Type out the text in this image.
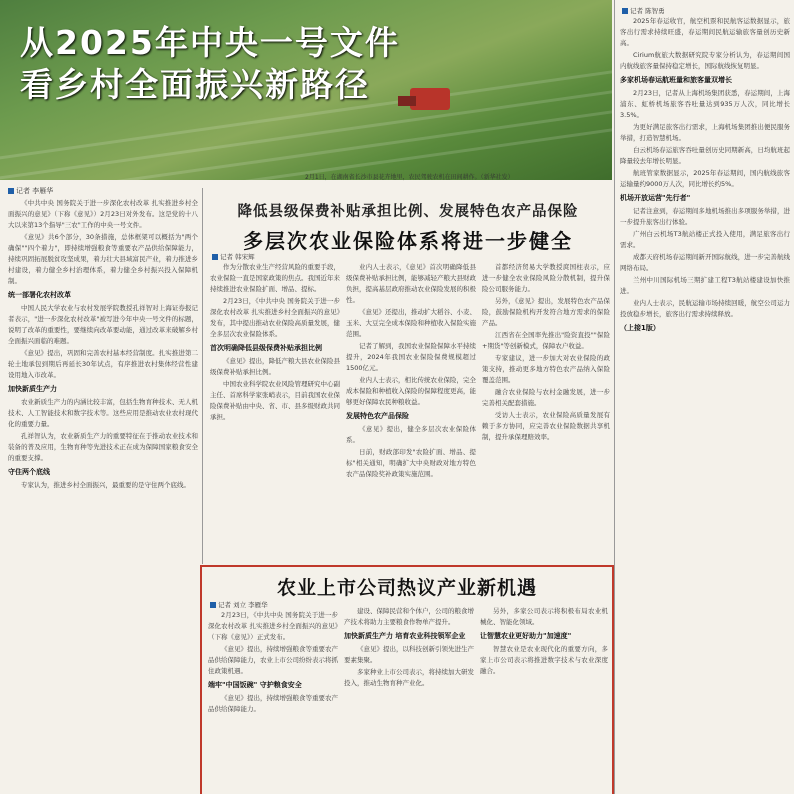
从2025年中央一号文件
看乡村全面振兴新路径
2月1日，在湖南省长沙市县花卉地里，农民驾驶农机在田间耕作。（新华社发）
记者 李雁华

《中共中央 国务院关于进一步深化农村改革 扎实推进乡村全面振兴的意见》（下称《意见》）2月23日对外发布。这是党的十八大以来第13个指导"三农"工作的中央一号文件。

《意见》共6个部分，30条措施，总体框架可以概括为"两个确保""四个着力"，即持续增强粮食等重要农产品供给保障能力，持续巩固拓展脱贫攻坚成果，着力壮大县域富民产业，着力推进乡村建设，着力健全乡村治理体系，着力健全乡村振兴投入保障机制。

统一部署化农村改革

中国人民大学农业与农村发展学院教授孔祥智对上海证券报记者表示，"进一步深化农村改革"被写进今年中央一号文件的标题，说明了改革的重要性，要继续向改革要动能，通过改革来破解乡村全面振兴面临的难题。

《意见》提出，巩固和完善农村基本经营制度。扎实推进第二轮土地承包到期后再延长30年试点，有序推进农村集体经营性建设用地入市改革。

加快新质生产力

农业新质生产力的内涵比较丰富，包括生物育种技术、无人机技术、人工智能技术和数字技术等。这些应用是推动农业农村现代化的重要力量。

孔祥智认为，农业新质生产力的重要特征在于推动农业技术和装备的普及应用，生物育种等先进技术正在成为保障国家粮食安全的重要支撑。

守住两个底线

专家认为，推进乡村全面振兴，最重要的是守住两个底线。

降低县级保费补贴承担比例、发展特色农产品保险
多层次农业保险体系将进一步健全
记者 韩宋辉

作为分散农业生产经营风险的重要手段，农业保险一直是国家政策的焦点。我国近年来持续推进农业保险扩面、增品、提标。

2月23日，《中共中央 国务院关于进一步深化农村改革 扎实推进乡村全面振兴的意见》发布，其中提出推动农业保险高质量发展，健全多层次农业保险体系。

首次明确降低县级保费补贴承担比例

《意见》提出，降低产粮大县农业保险县级保费补贴承担比例。

中国农业科学院农业风险管理研究中心副主任、首席科学家张峭表示，目前我国农业保险保费补贴由中央、省、市、县多级财政共同承担。

业内人士表示，《意见》首次明确降低县级保费补贴承担比例，能够减轻产粮大县财政负担，提高基层政府推动农业保险发展的积极性。

《意见》还提出，推动扩大稻谷、小麦、玉米、大豆完全成本保险和种植收入保险实施范围。

记者了解到，我国农业保险保障水平持续提升，2024年我国农业保险保费规模超过1500亿元。

业内人士表示，相比传统农业保险，完全成本保险和种植收入保险的保障程度更高，能够更好保障农民种粮收益。

发展特色农产品保险

《意见》提出，健全多层次农业保险体系。

日前，财政部印发"农险扩面、增品、提标"相关通知，明确扩大中央财政对地方特色农产品保险奖补政策实施范围。

首都经济贸易大学教授庹国柱表示，应进一步健全农业保险风险分散机制，提升保险公司服务能力。

另外，《意见》提出，发展特色农产品保险，鼓励保险机构开发符合地方需求的保险产品。

江西省在全国率先推出"险资直投""保险+期货"等创新模式，保障农户收益。

专家建议，进一步加大对农业保险的政策支持，推动更多地方特色农产品纳入保险覆盖范围。

融合农业保险与农村金融发展，进一步完善相关配套措施。

受访人士表示，农业保险高质量发展有赖于多方协同，应完善农业保险数据共享机制，提升承保理赔效率。

农业上市公司热议产业新机遇
记者 刘立 李雁华

2月23日，《中共中央 国务院关于进一步深化农村改革 扎实推进乡村全面振兴的意见》（下称《意见》）正式发布。

《意见》提出，持续增强粮食等重要农产品供给保障能力，农业上市公司纷纷表示将抓住政策机遇。

端牢"中国饭碗" 守护粮食安全

《意见》提出，持续增强粮食等重要农产品供给保障能力。

建设、保障民营和个体户，公司的粮食增产技术将助力主要粮食作物单产提升。

加快新质生产力 培育农业科技领军企业

《意见》提出，以科技创新引领先进生产要素集聚。

多家种业上市公司表示，将持续加大研发投入，推动生物育种产业化。

另外，多家公司表示将积极布局农业机械化、智能化领域。

让智慧农业更好助力"加速度"

智慧农业是农业现代化的重要方向，多家上市公司表示将推进数字技术与农业深度融合。

记者 陈智勇

2025年春运收官，航空机票和民航客运数据显示，旅客出行需求持续旺盛，春运期间民航运输旅客量创历史新高。

Cirium航旅大数据研究院专家分析认为，春运期间国内航线旅客量保持稳定增长，国际航线恢复明显。

多家机场春运航班量和旅客量双增长

2月23日，记者从上海机场集团获悉，春运期间，上海浦东、虹桥机场旅客吞吐量达到935万人次，同比增长3.5%。

为更好满足旅客出行需求，上海机场集团推出便民服务举措，打造智慧机场。

白云机场春运旅客吞吐量创历史同期新高，日均航班起降量较去年增长明显。

航班管家数据显示，2025年春运期间，国内航线旅客运输量约9000万人次，同比增长约5%。

机场开放运营"先行者"

记者注意到，春运期间多地机场推出多项服务举措，进一步提升旅客出行体验。

广州白云机场T3航站楼正式投入使用，满足旅客出行需求。

成都天府机场春运期间新开国际航线，进一步完善航线网络布局。

兰州中川国际机场三期扩建工程T3航站楼建设加快推进。

业内人士表示，民航运输市场持续回暖，航空公司运力投放稳步增长，旅客出行需求持续释放。

（上接1版）
